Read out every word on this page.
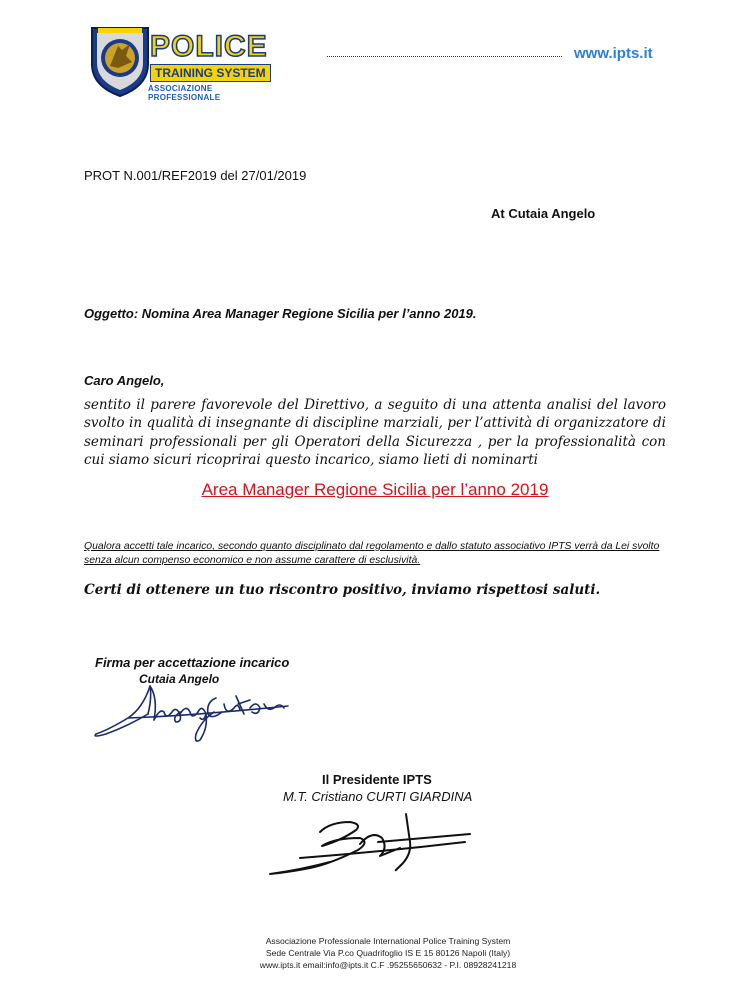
POLICE
TRAINING SYSTEM
ASSOCIAZIONE PROFESSIONALE
www.ipts.it
PROT N.001/REF2019 del 27/01/2019
At Cutaia Angelo
Oggetto: Nomina Area Manager Regione Sicilia per l’anno 2019.
Caro Angelo,
sentito il parere favorevole del Direttivo, a seguito di una attenta analisi del lavoro svolto in qualità di insegnante di discipline marziali, per l’attività di organizzatore di seminari professionali per gli Operatori della Sicurezza , per la professionalità con cui siamo sicuri ricoprirai questo incarico, siamo lieti di nominarti
Area Manager Regione Sicilia per l’anno 2019
Qualora accetti tale incarico, secondo quanto disciplinato dal regolamento e dallo statuto associativo IPTS verrà da Lei svolto senza alcun compenso economico e non assume carattere di esclusività.
Certi di ottenere un tuo riscontro positivo, inviamo rispettosi saluti.
Firma per accettazione incarico
Cutaia Angelo
Il Presidente IPTS
M.T. Cristiano CURTI GIARDINA
Associazione Professionale International Police Training System
Sede Centrale Via P.co Quadrifoglio IS E 15 80126 Napoli (Italy)
www.ipts.it email:info@ipts.it C.F .95255650632 - P.I. 08928241218
